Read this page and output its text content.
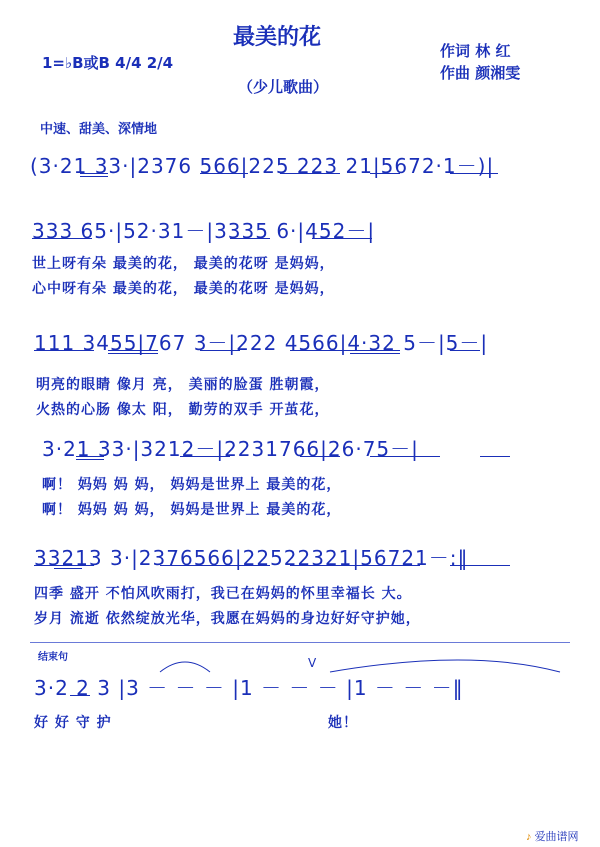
最美的花
（少儿歌曲）
1=♭B或B 4/4 2/4
作词 林 红
作曲 颜湘雯
中速、甜美、深情地
(3·21 33·|2376 566|225 223 21|5672·1－)|
333 65·|52·31－|3335 6·|452－|
世上呀有朵 最美的花， 最美的花呀 是妈妈，
心中呀有朵 最美的花， 最美的花呀 是妈妈，
111 3455|767 3－|222 4566|4·32 5－|5－|
明亮的眼睛 像月 亮， 美丽的脸蛋 胜朝霞，
火热的心肠 像太 阳， 勤劳的双手 开茧花，
3·21 33·|3212－|2231766|26·75－|
啊！ 妈妈 妈 妈， 妈妈是世界上 最美的花，
啊！ 妈妈 妈 妈， 妈妈是世界上 最美的花，
33213 3·|2376566|22522321|56721－:‖
四季 盛开 不怕风吹雨打，我已在妈妈的怀里幸福长 大。
岁月 流逝 依然绽放光华，我愿在妈妈的身边好好守护她，
结束句	V
3·2 2 3 |3 － － － |1 － － － |1 － － －‖
好 好 守 护	她！
♪ 爱曲谱网
